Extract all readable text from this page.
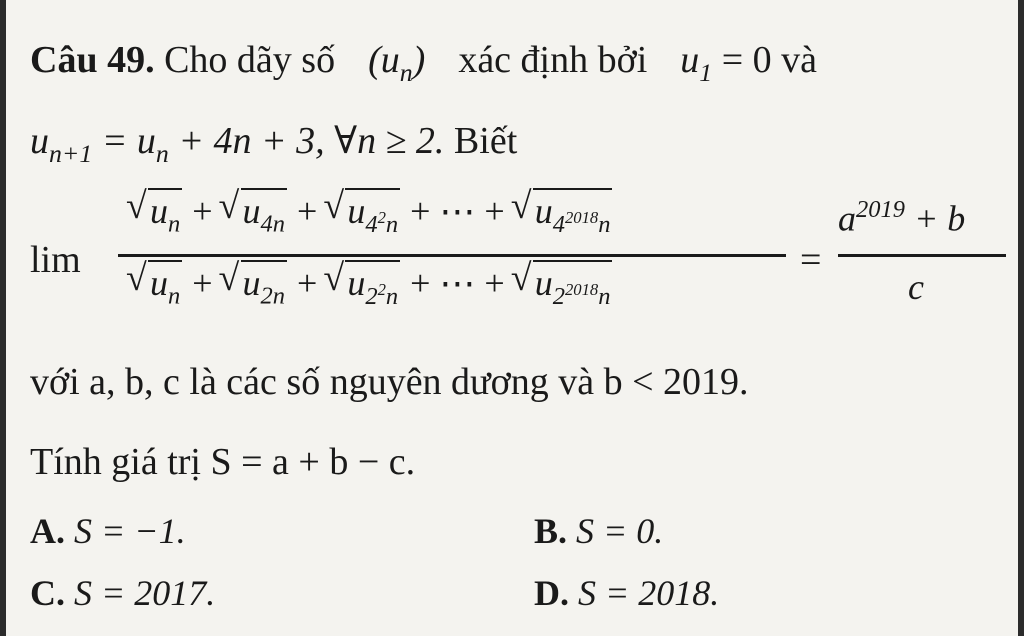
Câu 49. Cho dãy số $(u_n)$ xác định bởi $u_1 = 0$ và
$u_{n+1} = u_n + 4n + 3$, ∀n ≥ 2. Biết
lim
√ $u_n$ + √ $u_{4n}$ + √ $u_{4^2n}$ + ⋯ + √ $u_{4^{2018}n}$
√ $u_n$ + √ $u_{2n}$ + √ $u_{2^2n}$ + ⋯ + √ $u_{2^{2018}n}$
=
$a^{2019} + b$
c
với a, b, c là các số nguyên dương và b < 2019.
Tính giá trị S = a + b − c.
A. S = −1.	B. S = 0.
C. S = 2017.	D. S = 2018.
